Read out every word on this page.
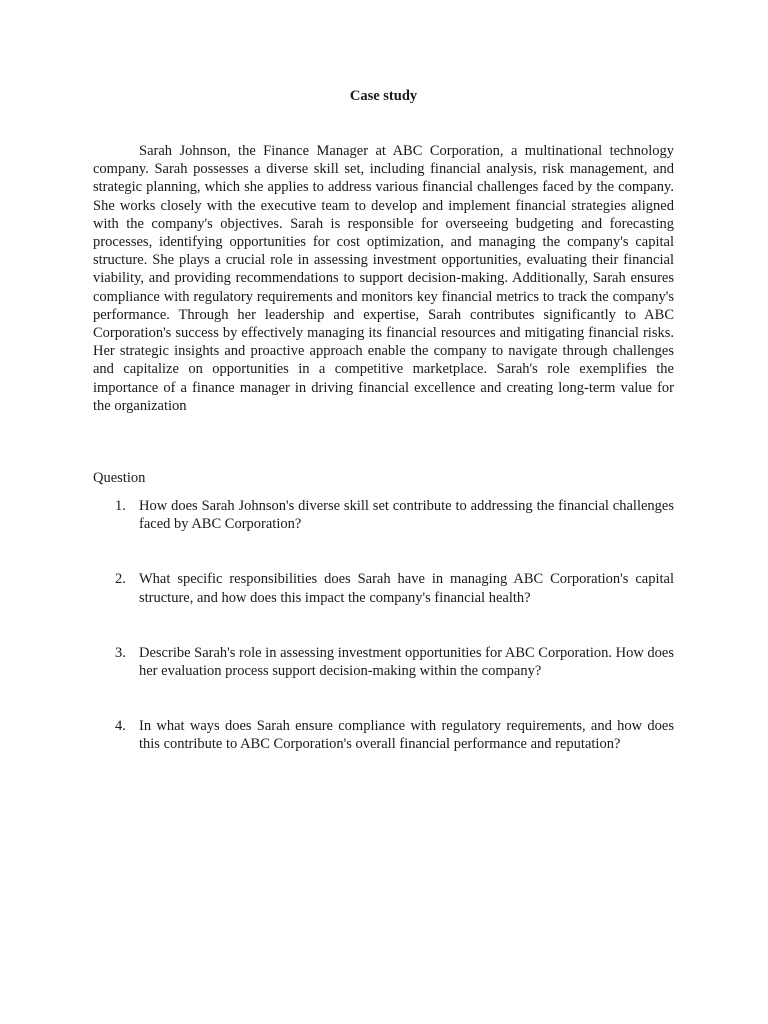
Case study

Sarah Johnson, the Finance Manager at ABC Corporation, a multinational technology company. Sarah possesses a diverse skill set, including financial analysis, risk management, and strategic planning, which she applies to address various financial challenges faced by the company. She works closely with the executive team to develop and implement financial strategies aligned with the company's objectives. Sarah is responsible for overseeing budgeting and forecasting processes, identifying opportunities for cost optimization, and managing the company's capital structure. She plays a crucial role in assessing investment opportunities, evaluating their financial viability, and providing recommendations to support decision-making. Additionally, Sarah ensures compliance with regulatory requirements and monitors key financial metrics to track the company's performance. Through her leadership and expertise, Sarah contributes significantly to ABC Corporation's success by effectively managing its financial resources and mitigating financial risks. Her strategic insights and proactive approach enable the company to navigate through challenges and capitalize on opportunities in a competitive marketplace. Sarah's role exemplifies the importance of a finance manager in driving financial excellence and creating long-term value for the organization

Question
1. How does Sarah Johnson's diverse skill set contribute to addressing the financial challenges faced by ABC Corporation?
2. What specific responsibilities does Sarah have in managing ABC Corporation's capital structure, and how does this impact the company's financial health?
3. Describe Sarah's role in assessing investment opportunities for ABC Corporation. How does her evaluation process support decision-making within the company?
4. In what ways does Sarah ensure compliance with regulatory requirements, and how does this contribute to ABC Corporation's overall financial performance and reputation?
